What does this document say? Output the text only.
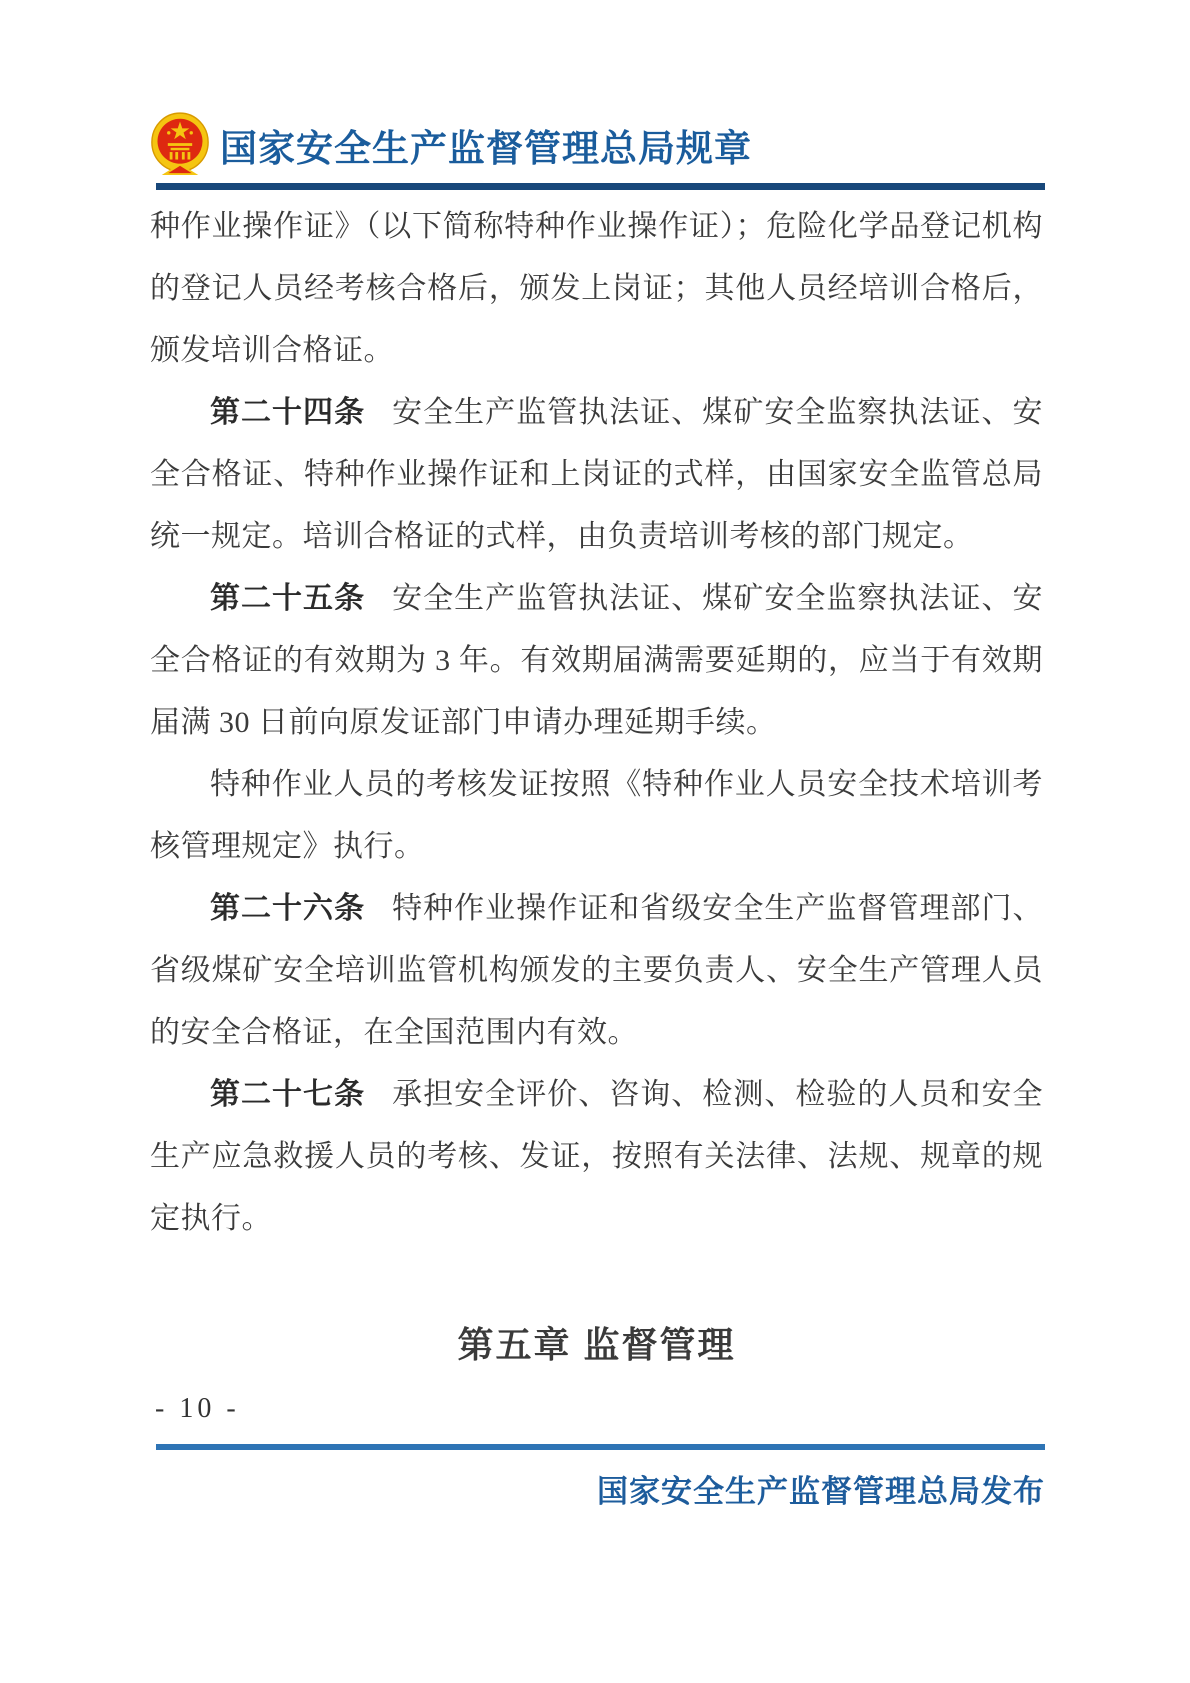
国家安全生产监督管理总局规章

种作业操作证》（以下简称特种作业操作证）；危险化学品登记机构的登记人员经考核合格后，颁发上岗证；其他人员经培训合格后，颁发培训合格证。

第二十四条 安全生产监管执法证、煤矿安全监察执法证、安全合格证、特种作业操作证和上岗证的式样，由国家安全监管总局统一规定。培训合格证的式样，由负责培训考核的部门规定。

第二十五条 安全生产监管执法证、煤矿安全监察执法证、安全合格证的有效期为 3 年。有效期届满需要延期的，应当于有效期届满 30 日前向原发证部门申请办理延期手续。

特种作业人员的考核发证按照《特种作业人员安全技术培训考核管理规定》执行。

第二十六条 特种作业操作证和省级安全生产监督管理部门、省级煤矿安全培训监管机构颁发的主要负责人、安全生产管理人员的安全合格证，在全国范围内有效。

第二十七条 承担安全评价、咨询、检测、检验的人员和安全生产应急救援人员的考核、发证，按照有关法律、法规、规章的规定执行。

第五章 监督管理
- 10 -
国家安全生产监督管理总局发布
